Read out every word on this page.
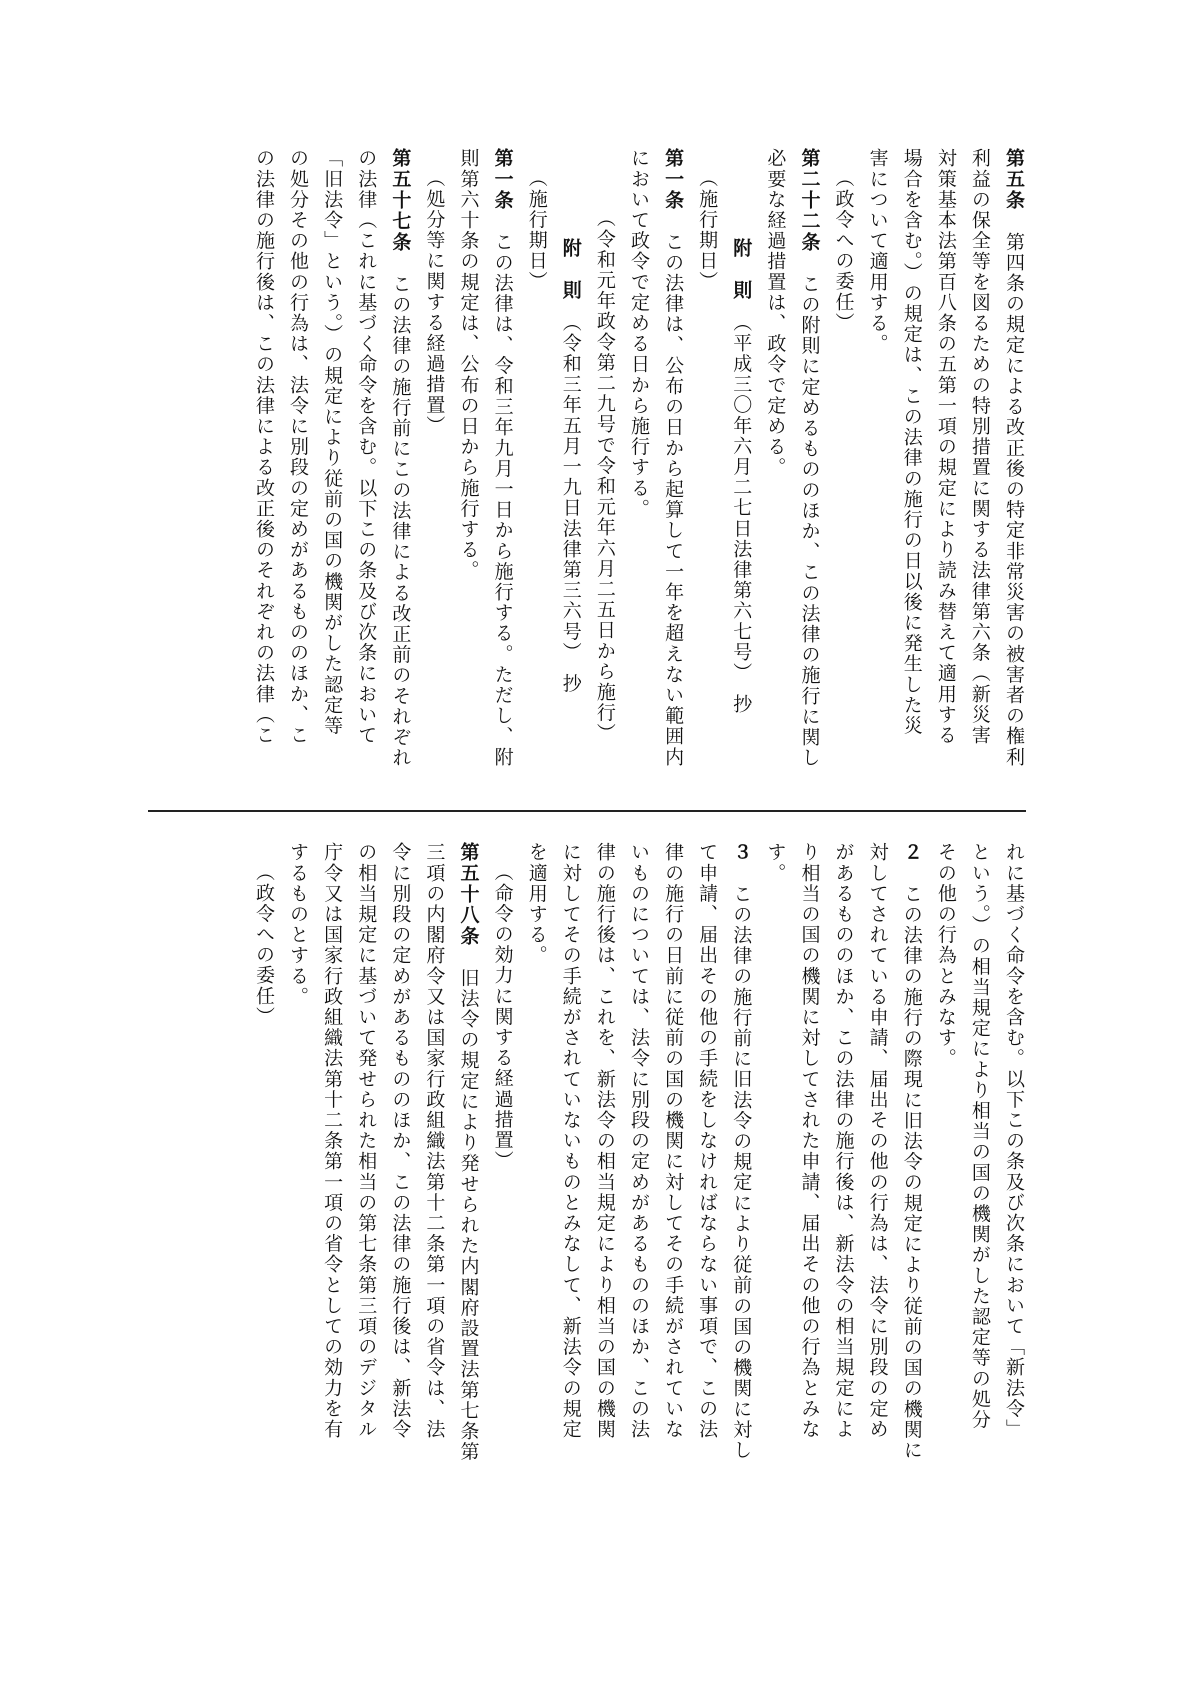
第五条　第四条の規定による改正後の特定非常災害の被害者の権利
利益の保全等を図るための特別措置に関する法律第六条（新災害
対策基本法第百八条の五第一項の規定により読み替えて適用する
場合を含む。）の規定は、この法律の施行の日以後に発生した災
害について適用する。
（政令への委任）
第二十二条　この附則に定めるもののほか、この法律の施行に関し
必要な経過措置は、政令で定める。
附　則　（平成三〇年六月二七日法律第六七号）　抄
（施行期日）
第一条　この法律は、公布の日から起算して一年を超えない範囲内
において政令で定める日から施行する。
（令和元年政令第二九号で令和元年六月二五日から施行）
附　則　（令和三年五月一九日法律第三六号）　抄
（施行期日）
第一条　この法律は、令和三年九月一日から施行する。ただし、附
則第六十条の規定は、公布の日から施行する。
（処分等に関する経過措置）
第五十七条　この法律の施行前にこの法律による改正前のそれぞれ
の法律（これに基づく命令を含む。以下この条及び次条において
「旧法令」という。）の規定により従前の国の機関がした認定等
の処分その他の行為は、法令に別段の定めがあるもののほか、こ
の法律の施行後は、この法律による改正後のそれぞれの法律（こ
れに基づく命令を含む。以下この条及び次条において「新法令」
という。）の相当規定により相当の国の機関がした認定等の処分
その他の行為とみなす。
２　この法律の施行の際現に旧法令の規定により従前の国の機関に
対してされている申請、届出その他の行為は、法令に別段の定め
があるもののほか、この法律の施行後は、新法令の相当規定によ
り相当の国の機関に対してされた申請、届出その他の行為とみな
す。
３　この法律の施行前に旧法令の規定により従前の国の機関に対し
て申請、届出その他の手続をしなければならない事項で、この法
律の施行の日前に従前の国の機関に対してその手続がされていな
いものについては、法令に別段の定めがあるもののほか、この法
律の施行後は、これを、新法令の相当規定により相当の国の機関
に対してその手続がされていないものとみなして、新法令の規定
を適用する。
（命令の効力に関する経過措置）
第五十八条　旧法令の規定により発せられた内閣府設置法第七条第
三項の内閣府令又は国家行政組織法第十二条第一項の省令は、法
令に別段の定めがあるもののほか、この法律の施行後は、新法令
の相当規定に基づいて発せられた相当の第七条第三項のデジタル
庁令又は国家行政組織法第十二条第一項の省令としての効力を有
するものとする。
（政令への委任）
